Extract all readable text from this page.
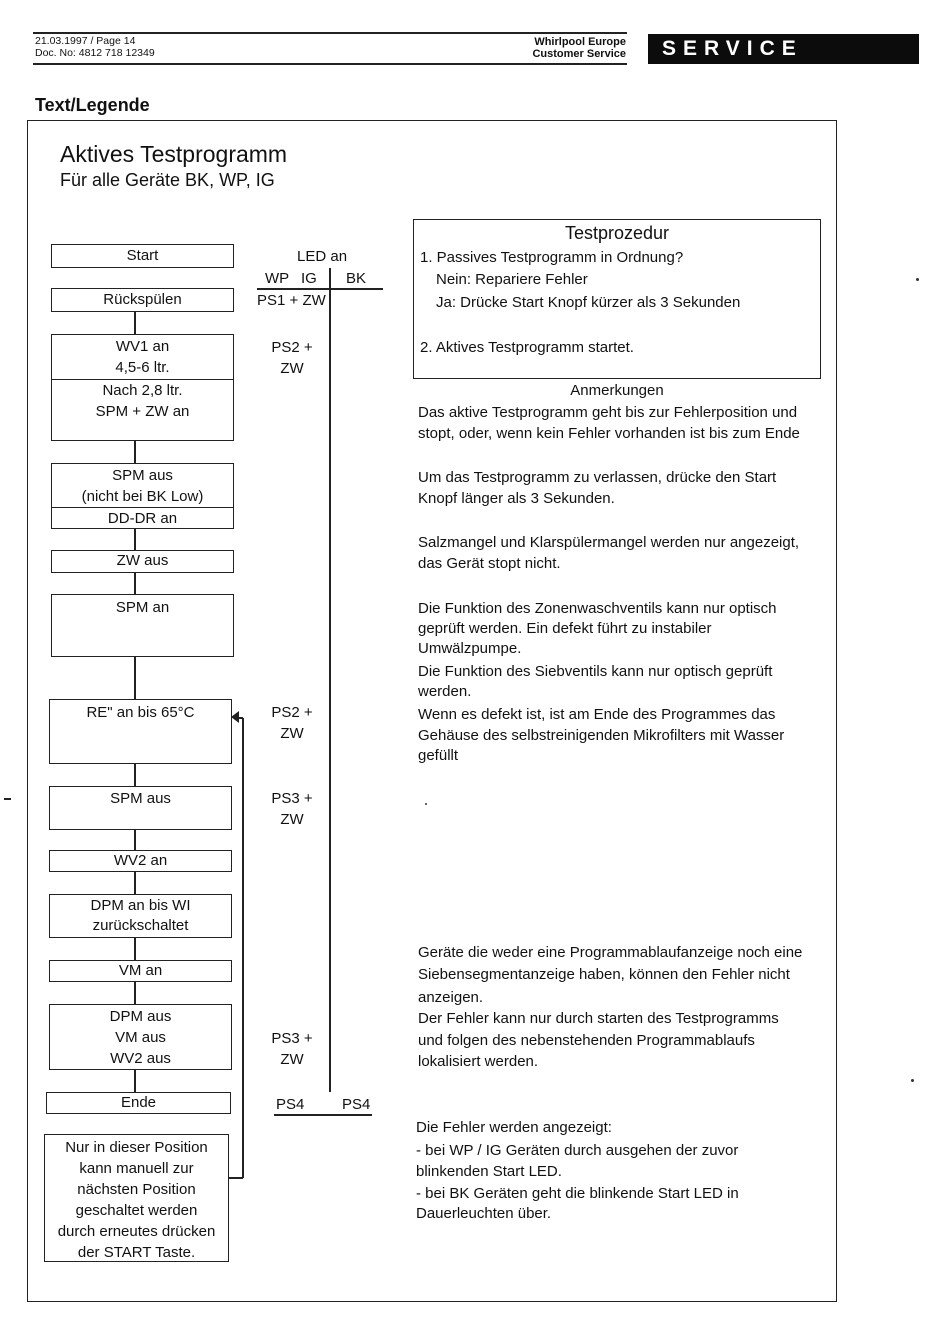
21.03.1997 / Page 14
Doc. No: 4812 718 12349
Whirlpool Europe
Customer Service	SERVICE
Text/Legende
Aktives Testprogramm
Für alle Geräte BK, WP, IG
Start
Rückspülen
WV1 an
4,5-6 ltr.
Nach 2,8 ltr.
SPM + ZW an
SPM aus
(nicht bei BK Low)
DD-DR an
ZW aus
SPM an
RE" an bis 65°C
SPM aus
WV2 an
DPM an bis WI
zurückschaltet
VM an
DPM aus
VM aus
WV2 aus
Ende
Nur in dieser Position
kann manuell zur
nächsten Position
geschaltet werden
durch erneutes drücken
der START Taste.
LED an
WP IG BK
PS1 + ZW
PS2 +
ZW
PS2 +
ZW
PS3 +
ZW
PS3 +
ZW
PS4	PS4
Testprozedur
1. Passives Testprogramm in Ordnung?
Nein: Repariere Fehler
Ja: Drücke Start Knopf kürzer als 3 Sekunden
2. Aktives Testprogramm startet.
Anmerkungen
Das aktive Testprogramm geht bis zur Fehlerposition und
stopt, oder, wenn kein Fehler vorhanden ist bis zum Ende
Um das Testprogramm zu verlassen, drücke den Start
Knopf länger als 3 Sekunden.
Salzmangel und Klarspülermangel werden nur angezeigt,
das Gerät stopt nicht.
Die Funktion des Zonenwaschventils kann nur optisch
geprüft werden. Ein defekt führt zu instabiler
Umwälzpumpe.
Die Funktion des Siebventils kann nur optisch geprüft
werden.
Wenn es defekt ist, ist am Ende des Programmes das
Gehäuse des selbstreinigenden Mikrofilters mit Wasser
gefüllt
Geräte die weder eine Programmablaufanzeige noch eine
Siebensegmentanzeige haben, können den Fehler nicht
anzeigen.
Der Fehler kann nur durch starten des Testprogramms
und folgen des nebenstehenden Programmablaufs
lokalisiert werden.
Die Fehler werden angezeigt:
- bei WP / IG Geräten durch ausgehen der zuvor
blinkenden Start LED.
- bei BK Geräten geht die blinkende Start LED in
Dauerleuchten über.
